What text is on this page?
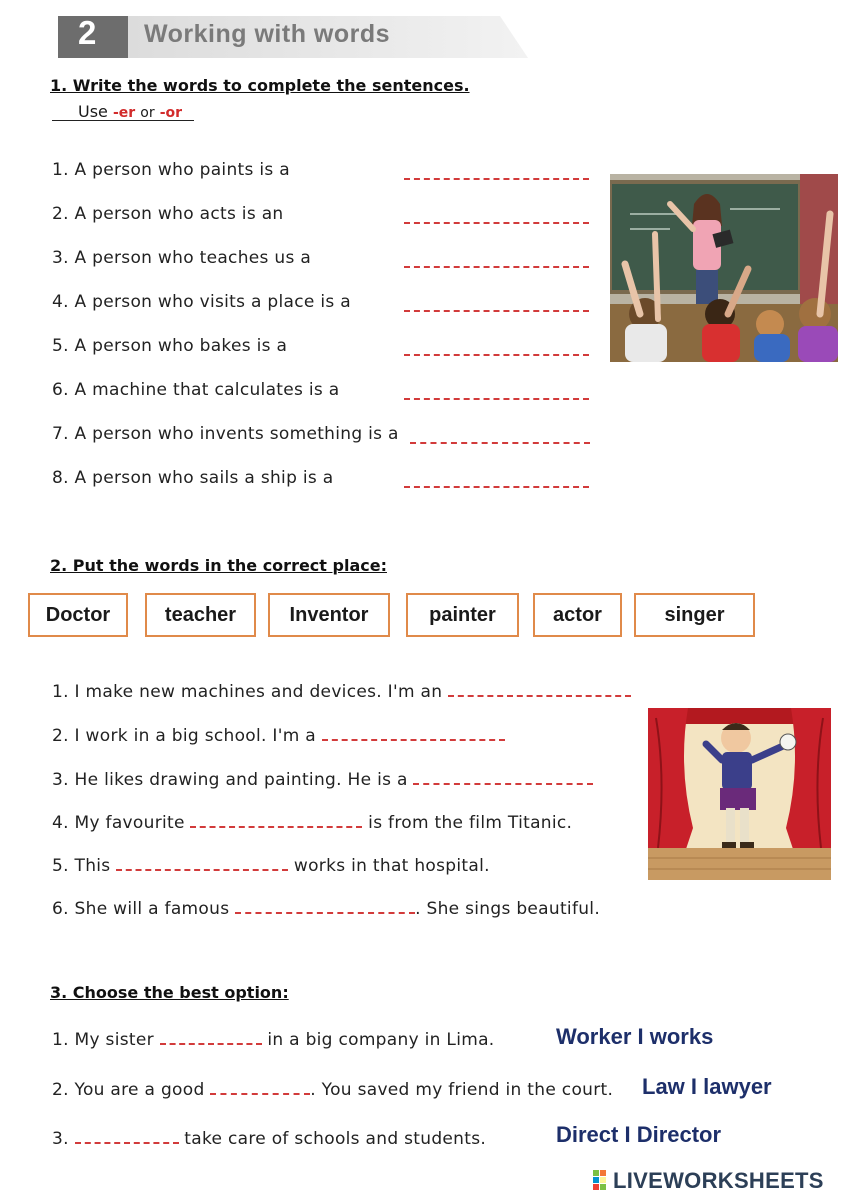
2 Working with words
1. Write the words to complete the sentences.
Use -er or -or
1. A person who paints is a
2. A person who acts is an
3. A person who teaches us a
4. A person who visits a place is a
5. A person who bakes is a
6. A machine that calculates is a
7. A person who invents something is a
8. A person who sails a ship is a
2. Put the words in the correct place:
Doctor	teacher	Inventor	painter	actor	singer
1. I make new machines and devices. I'm an
2. I work in a big school. I'm a
3. He likes drawing and painting. He is a
4. My favourite	is from the film Titanic.
5. This	works in that hospital.
6. She will a famous	. She sings beautiful.
3. Choose the best option:
1. My sister	in a big company in Lima.	Worker I works
2. You are a good	. You saved my friend in the court. Law I lawyer
3.	take care of schools and students.	Direct I Director
LIVEWORKSHEETS
